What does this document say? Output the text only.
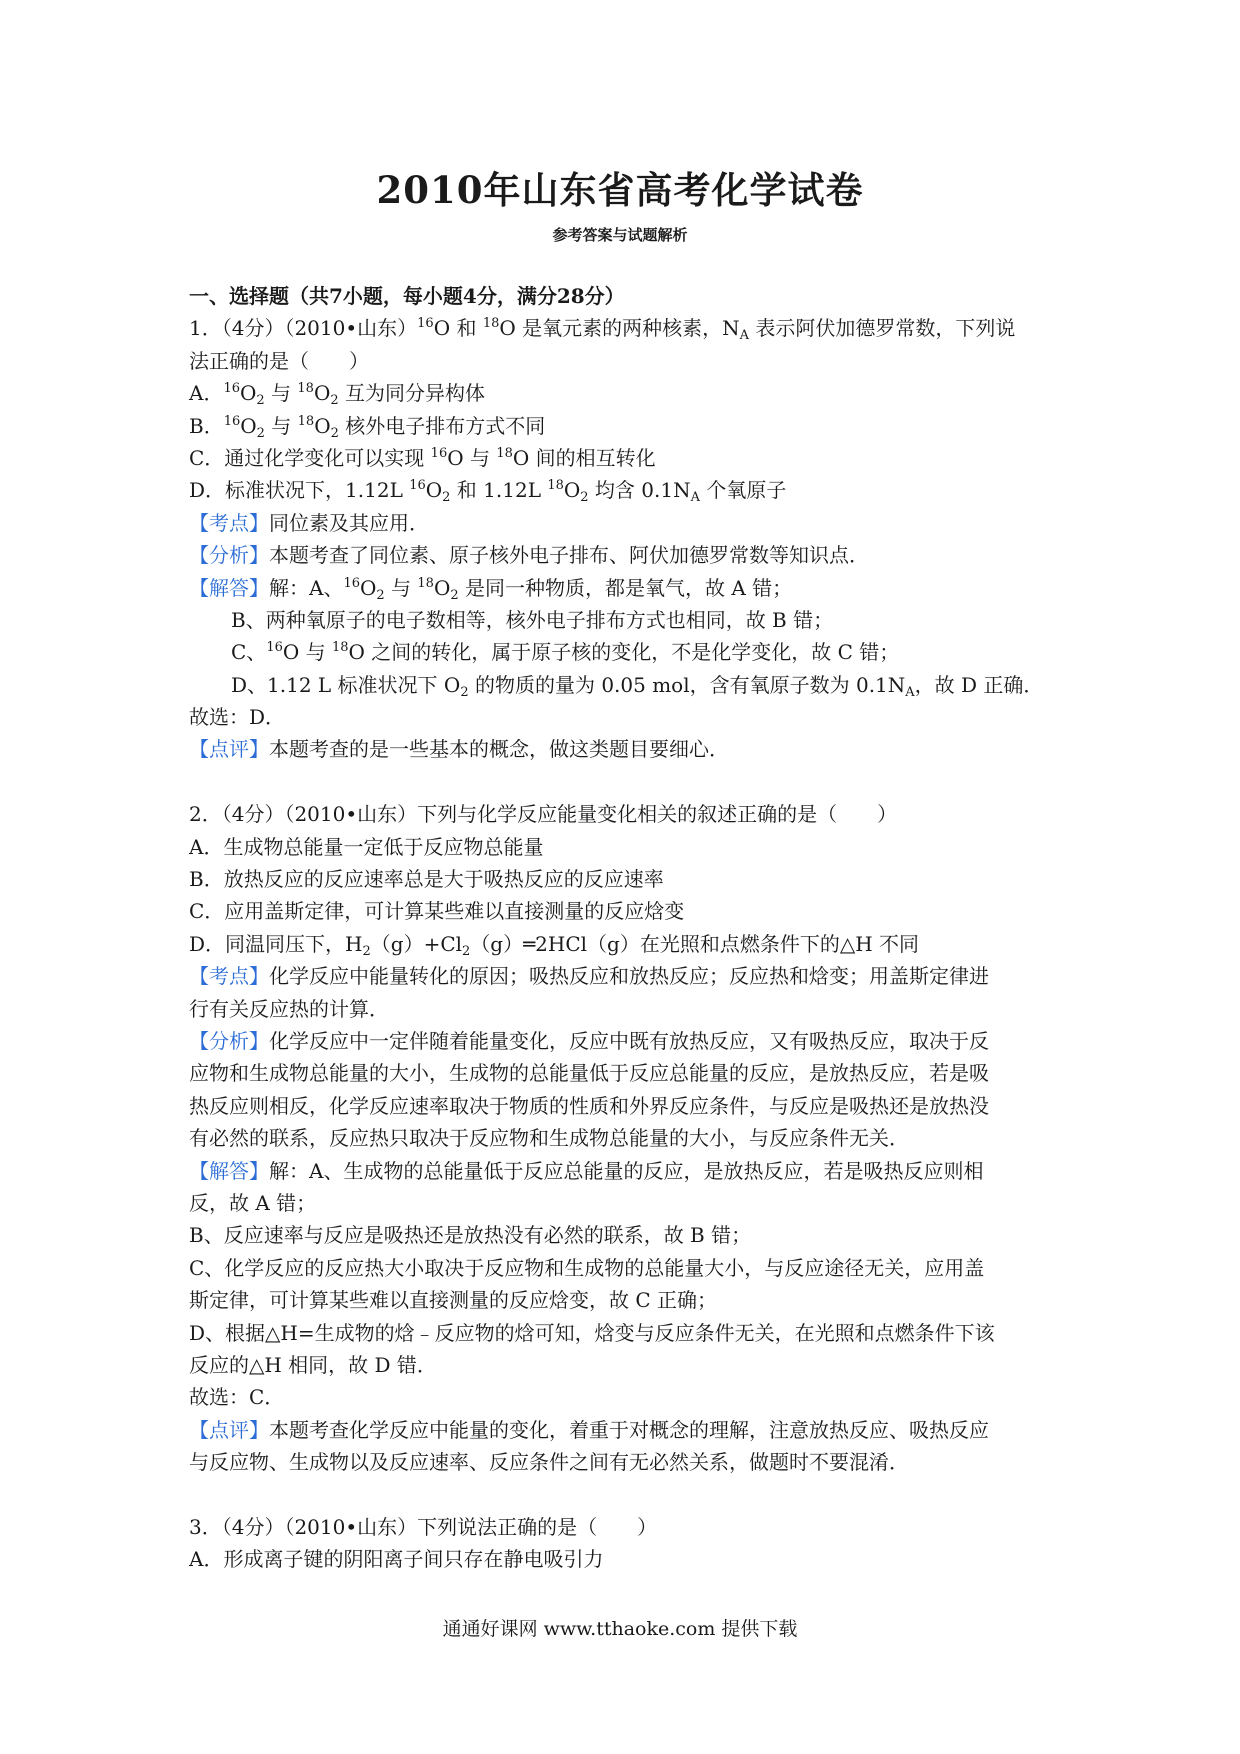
2010年山东省高考化学试卷
参考答案与试题解析
一、选择题（共7小题，每小题4分，满分28分）
1．（4分）（2010•山东）$^{16}$O 和 $^{18}$O 是氧元素的两种核素，$N_A$ 表示阿伏加德罗常数，下列说
法正确的是（　　）
A．$^{16}O_2$ 与 $^{18}O_2$ 互为同分异构体
B．$^{16}O_2$ 与 $^{18}O_2$ 核外电子排布方式不同
C．通过化学变化可以实现 $^{16}$O 与 $^{18}$O 间的相互转化
D．标准状况下，1.12L $^{16}O_2$ 和 1.12L $^{18}O_2$ 均含 $0.1N_A$ 个氧原子
【考点】同位素及其应用．
【分析】本题考查了同位素、原子核外电子排布、阿伏加德罗常数等知识点．
【解答】解：A、$^{16}O_2$ 与 $^{18}O_2$ 是同一种物质，都是氧气，故 A 错；
B、两种氧原子的电子数相等，核外电子排布方式也相同，故 B 错；
C、$^{16}$O 与 $^{18}$O 之间的转化，属于原子核的变化，不是化学变化，故 C 错；
D、1.12 L 标准状况下 $O_2$ 的物质的量为 0.05 mol，含有氧原子数为 $0.1N_A$，故 D 正确．
故选：D．
【点评】本题考查的是一些基本的概念，做这类题目要细心．
2．（4分）（2010•山东）下列与化学反应能量变化相关的叙述正确的是（　　）
A．生成物总能量一定低于反应物总能量
B．放热反应的反应速率总是大于吸热反应的反应速率
C．应用盖斯定律，可计算某些难以直接测量的反应焓变
D．同温同压下，$H_2(g)+Cl_2(g)═2HCl(g)$在光照和点燃条件下的△H 不同
【考点】化学反应中能量转化的原因；吸热反应和放热反应；反应热和焓变；用盖斯定律进
行有关反应热的计算．
【分析】化学反应中一定伴随着能量变化，反应中既有放热反应，又有吸热反应，取决于反
应物和生成物总能量的大小，生成物的总能量低于反应总能量的反应，是放热反应，若是吸
热反应则相反，化学反应速率取决于物质的性质和外界反应条件，与反应是吸热还是放热没
有必然的联系，反应热只取决于反应物和生成物总能量的大小，与反应条件无关．
【解答】解：A、生成物的总能量低于反应总能量的反应，是放热反应，若是吸热反应则相
反，故 A 错；
B、反应速率与反应是吸热还是放热没有必然的联系，故 B 错；
C、化学反应的反应热大小取决于反应物和生成物的总能量大小，与反应途径无关，应用盖
斯定律，可计算某些难以直接测量的反应焓变，故 C 正确；
D、根据△H=生成物的焓﹣反应物的焓可知，焓变与反应条件无关，在光照和点燃条件下该
反应的△H 相同，故 D 错．
故选：C．
【点评】本题考查化学反应中能量的变化，着重于对概念的理解，注意放热反应、吸热反应
与反应物、生成物以及反应速率、反应条件之间有无必然关系，做题时不要混淆．
3．（4分）（2010•山东）下列说法正确的是（　　）
A．形成离子键的阴阳离子间只存在静电吸引力
通通好课网 www.tthaoke.com 提供下载
